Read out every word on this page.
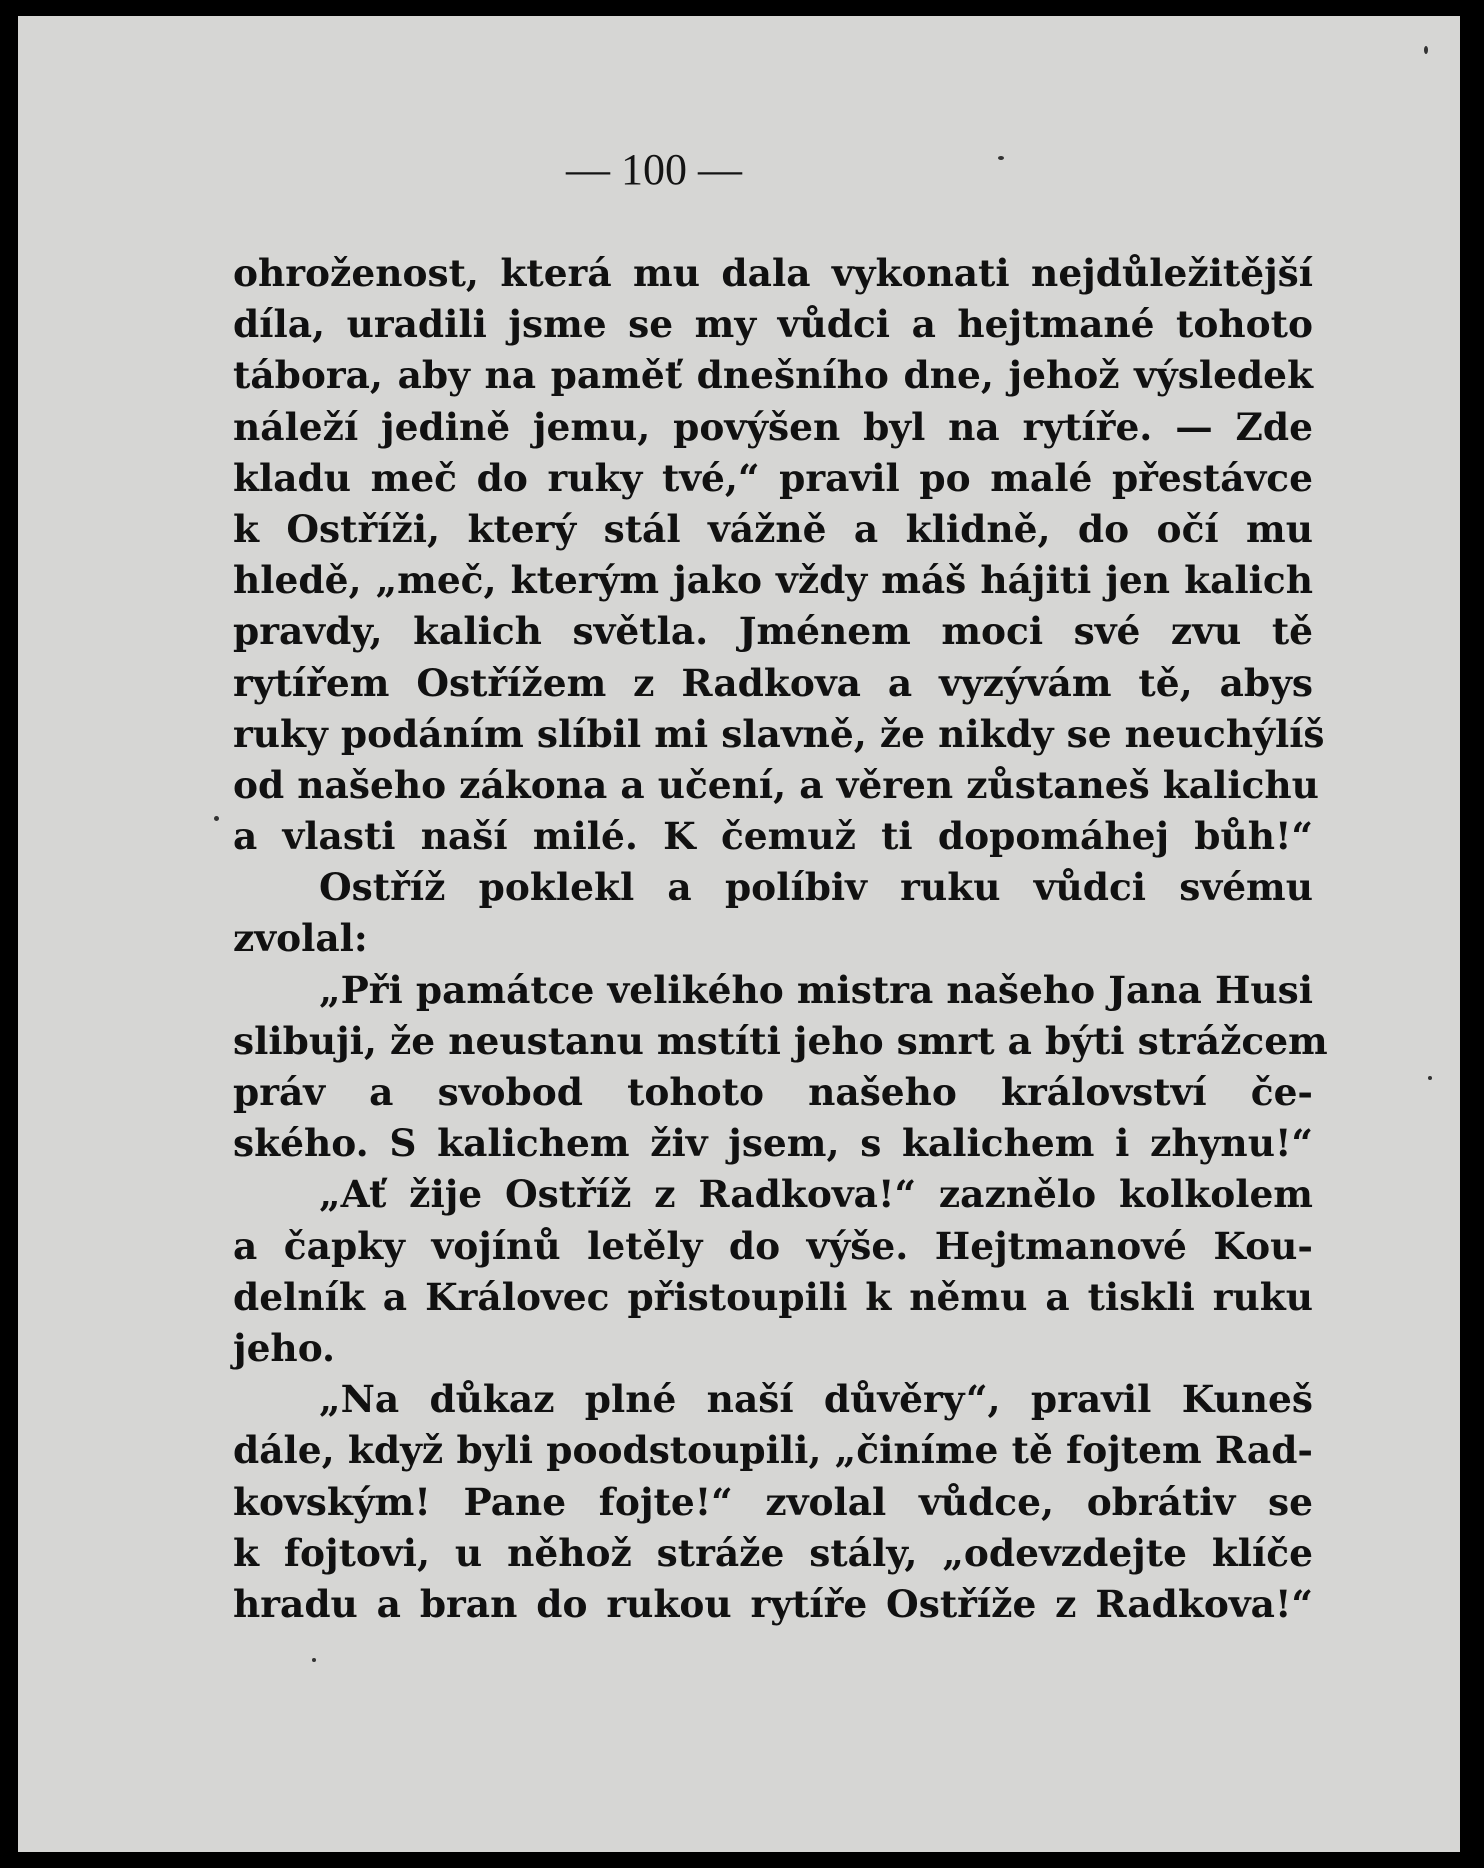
— 100 —
ohroženost, která mu dala vykonati nejdůležitější
díla, uradili jsme se my vůdci a hejtmané tohoto
tábora, aby na paměť dnešního dne, jehož výsledek
náleží jedině jemu, povýšen byl na rytíře. — Zde
kladu meč do ruky tvé,“ pravil po malé přestávce
k Ostříži, který stál vážně a klidně, do očí mu
hledě, „meč, kterým jako vždy máš hájiti jen kalich
pravdy, kalich světla. Jménem moci své zvu tě
rytířem Ostřížem z Radkova a vyzývám tě, abys
ruky podáním slíbil mi slavně, že nikdy se neuchýlíš
od našeho zákona a učení, a věren zůstaneš kalichu
a vlasti naší milé. K čemuž ti dopomáhej bůh!“
Ostříž poklekl a políbiv ruku vůdci svému
zvolal:
„Při památce velikého mistra našeho Jana Husi
slibuji, že neustanu mstíti jeho smrt a býti strážcem
práv a svobod tohoto našeho království če-
ského. S kalichem živ jsem, s kalichem i zhynu!“
„Ať žije Ostříž z Radkova!“ zaznělo kolkolem
a čapky vojínů letěly do výše. Hejtmanové Kou-
delník a Královec přistoupili k němu a tiskli ruku
jeho.
„Na důkaz plné naší důvěry“, pravil Kuneš
dále, když byli poodstoupili, „činíme tě fojtem Rad-
kovským! Pane fojte!“ zvolal vůdce, obrátiv se
k fojtovi, u něhož stráže stály, „odevzdejte klíče
hradu a bran do rukou rytíře Ostříže z Radkova!“
